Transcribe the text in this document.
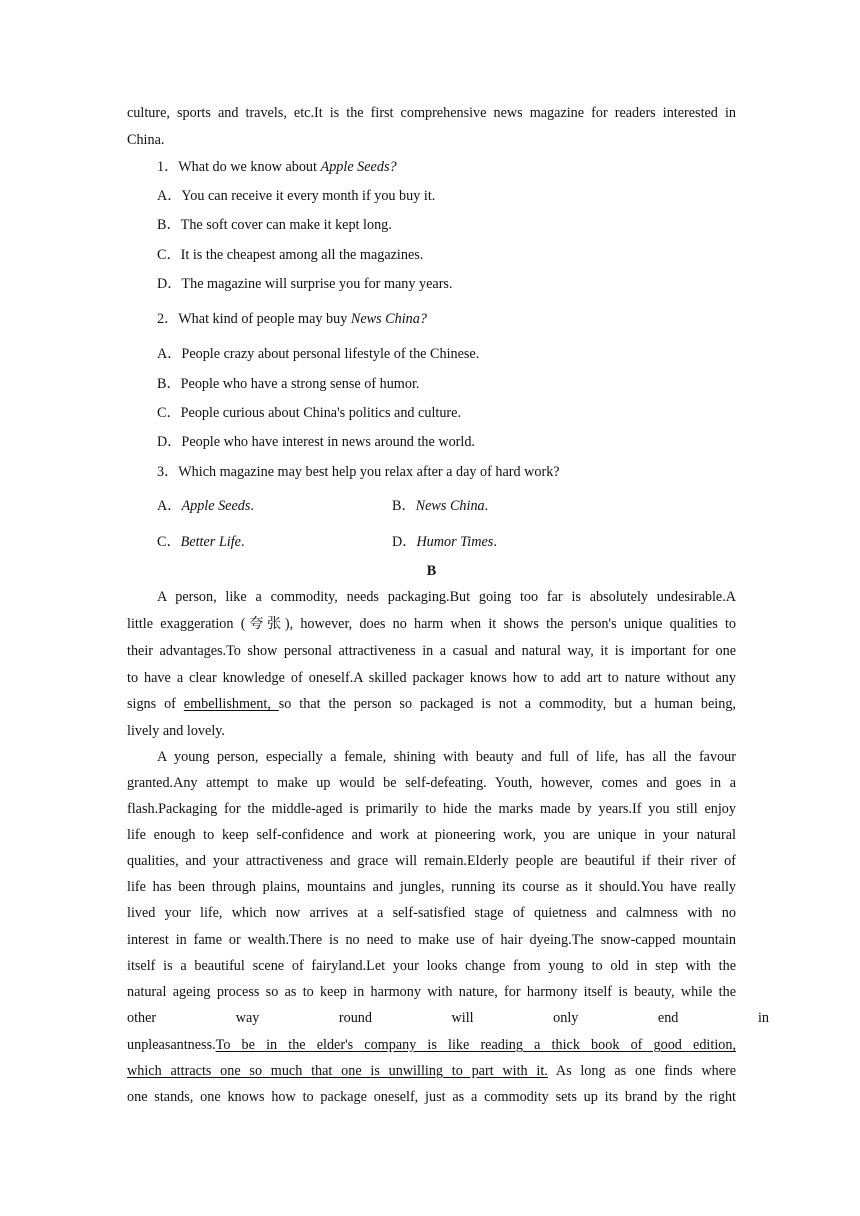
culture, sports and travels, etc.It is the first comprehensive news magazine for readers interested in
China.
1．What do we know about Apple Seeds?
A．You can receive it every month if you buy it.
B．The soft cover can make it kept long.
C．It is the cheapest among all the magazines.
D．The magazine will surprise you for many years.
2．What kind of people may buy News China?
A．People crazy about personal lifestyle of the Chinese.
B．People who have a strong sense of humor.
C．People curious about China's politics and culture.
D．People who have interest in news around the world.
3．Which magazine may best help you relax after a day of hard work?
A．Apple Seeds.	B．News China.
C．Better Life.	D．Humor Times.
B
A person, like a commodity, needs packaging.But going too far is absolutely undesirable.A
little exaggeration (夸张), however, does no harm when it shows the person's unique qualities to
their advantages.To show personal attractiveness in a casual and natural way, it is important for one
to have a clear knowledge of oneself.A skilled packager knows how to add art to nature without any
signs of embellishment, so that the person so packaged is not a commodity, but a human being,
lively and lovely.
A young person, especially a female, shining with beauty and full of life, has all the favour
granted.Any attempt to make up would be self-defeating. Youth, however, comes and goes in a
flash.Packaging for the middle-aged is primarily to hide the marks made by years.If you still enjoy
life enough to keep self-confidence and work at pioneering work, you are unique in your natural
qualities, and your attractiveness and grace will remain.Elderly people are beautiful if their river of
life has been through plains, mountains and jungles, running its course as it should.You have really
lived your life, which now arrives at a self-satisfied stage of quietness and calmness with no
interest in fame or wealth.There is no need to make use of hair dyeing.The snow-capped mountain
itself is a beautiful scene of fairyland.Let your looks change from young to old in step with the
natural ageing process so as to keep in harmony with nature, for harmony itself is beauty, while the
other way round will only end in
unpleasantness.To be in the elder's company is like reading a thick book of good edition,
which attracts one so much that one is unwilling to part with it. As long as one finds where
one stands, one knows how to package oneself, just as a commodity sets up its brand by the right
